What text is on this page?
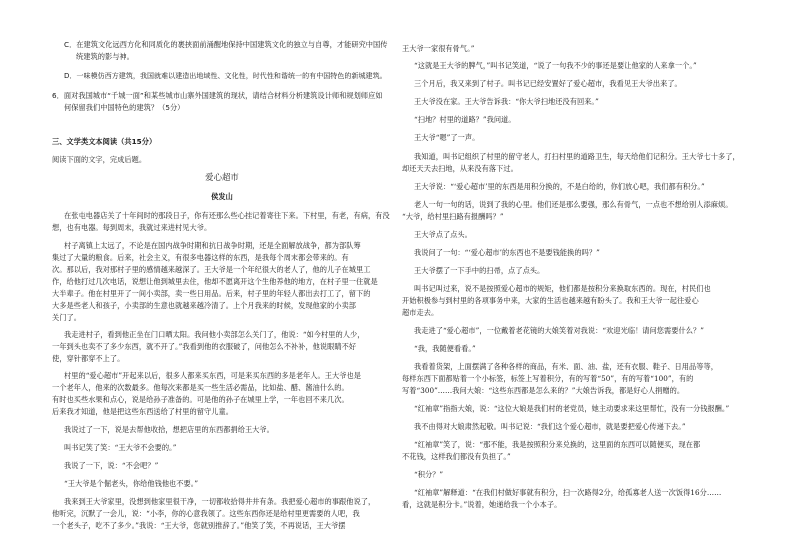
C．在建筑文化远西方化和同质化的裹挟面前涌醒地保持中国建筑文化的独立与自尊，才能研究中国传
统建筑的影与神。
D．一味模仿西方建筑，我国就难以建造出地域性、文化性，时代性和谐统一的有中国特色的新城建筑。
6．面对我国城市“千城一面”和某些城市山寨外国建筑的现状，请结合材料分析建筑设计师和规划师应如
何保留我们中国特色的建筑？（5分）
三、文学类文本阅读（共15分）
阅读下面的文字，完成后题。
爱心超市
侯发山
在张屯电器店关了十年间时的那段日子，你有还那么些心挂记着寄往下来。下村里，有老，有病，有没
想，也有电器。每到周末，我就过来进村见大爷。
村子离镇上太远了，不论是在国内战争时期和抗日战争时期，还是全面解放战争，都为部队筹
集过了大量的粮食。后来，社会主义，有很多电器这样的东西，是我每个周末都会带来的。有
次。那以后，我对那村子里的感情越来越深了。王大爷是一个年纪很大的老人了，他的儿子在城里工
作，给他打过几次电话，说想让他到城里去住，他却不愿离开这个生他养他的地方，在村子里一住就是
大半辈子。他在村里开了一间小卖部，卖一些日用品。后来，村子里的年轻人都出去打工了，留下的
大多是些老人和孩子，小卖部的生意也就越来越冷清了。上个月我来的时候，发现他家的小卖部
关门了。
我走进村子，看到他正坐在门口晒太阳。我问他小卖部怎么关门了，他说：“如今村里的人少，
一年到头也卖不了多少东西，就不开了。”我看到他的衣服破了，问他怎么不补补，他说眼睛不好
使，穿针都穿不上了。
村里的“爱心超市”开起来以后，很多人都来买东西，可是来买东西的多是老年人。王大爷也是
一个老年人，他来的次数最多。他每次来都是买一些生活必需品，比如盐、醋、酱油什么的。
有时也买些水果和点心，说是给孙子准备的。可是他的孙子在城里上学，一年也回不来几次。
后来我才知道，他是把这些东西送给了村里的留守儿童。
我说过了一下，说是去帮他收拾，想把店里的东西都捐给王大爷。
叫书记笑了笑：“王大爷不会要的。”
我说了一下，说：“不会吧？”
“王大爷是个倔老头，你给他钱他也不要。”
我来到王大爷家里，没想到他家里很干净，一切都收拾得井井有条。我把爱心超市的事跟他说了，
他听完，沉默了一会儿，说：“小李，你的心意我领了。这些东西你还是给村里更需要的人吧，我
一个老头子，吃不了多少。”我说：“王大爷，您就别推辞了。”他笑了笑，不再说话，王大爷摆
王大爷一家很有骨气。”
“这就是王大爷的脾气，”叫书记笑道，“说了一句我不少的事还是要让他家的人来拿一个。”
三个月后，我又来到了村子。叫书记已经安置好了爱心超市，我看见王大爷出来了。
王大爷没在家。王大爷告诉我：“你大爷扫地还没有回来。”
“扫地？村里的道路？”我问道。
王大爷“嗯”了一声。
我知道，叫书记组织了村里的留守老人，打扫村里的道路卫生，每天给他们记积分。王大爷七十多了，
却还天天去扫地，从来没有落下过。
王大爷说：“‘爱心超市’里的东西是用积分换的，不是白给的，你们放心吧，我们都有积分。”
老人一句一句的话，说到了我的心里。他们还是那么要强，那么有骨气，一点也不想给别人添麻烦。
“大爷，给村里扫路有报酬吗？”
王大爷点了点头。
我说问了一句：“‘爱心超市’的东西也不是要钱能换的吗？”
王大爷摆了一下手中的扫帚，点了点头。
叫书记叫过来，说不是按照爱心超市的规矩，他们都是按积分来换取东西的。现在，村民们也
开始积极参与到村里的各项事务中来，大家的生活也越来越有盼头了。我和王大爷一起往爱心
超市走去。
我走进了“爱心超市”，一位戴着老花镜的大娘笑着对我说：“欢迎光临！请问您需要什么？”
“我，我随便看看。”
我看着货架，上面摆满了各种各样的商品，有米、面、油、盐，还有衣服、鞋子、日用品等等，
每样东西下面都贴着一个小标签，标签上写着积分，有的写着“50”，有的写着“100”，有的
写着“300”……我问大娘：“这些东西都是怎么来的？”大娘告诉我，都是好心人捐赠的。
“红袖章”指指大娘，说：“这位大娘是我们村的老党员，她主动要求来这里帮忙，没有一分钱报酬。”
我不由得对大娘肃然起敬。叫书记说：“我们这个爱心超市，就是要把爱心传递下去。”
“红袖章”笑了，说：“那不能，我是按照积分来兑换的，这里面的东西可以随便买，现在都
不花钱，这样我们都没有负担了。”
“积分？”
“红袖章”解释道：“在我们村做好事就有积分，扫一次路得2分，给孤寡老人送一次饭得16分……
看，这就是积分卡。”说着，她递给我一个小本子。
